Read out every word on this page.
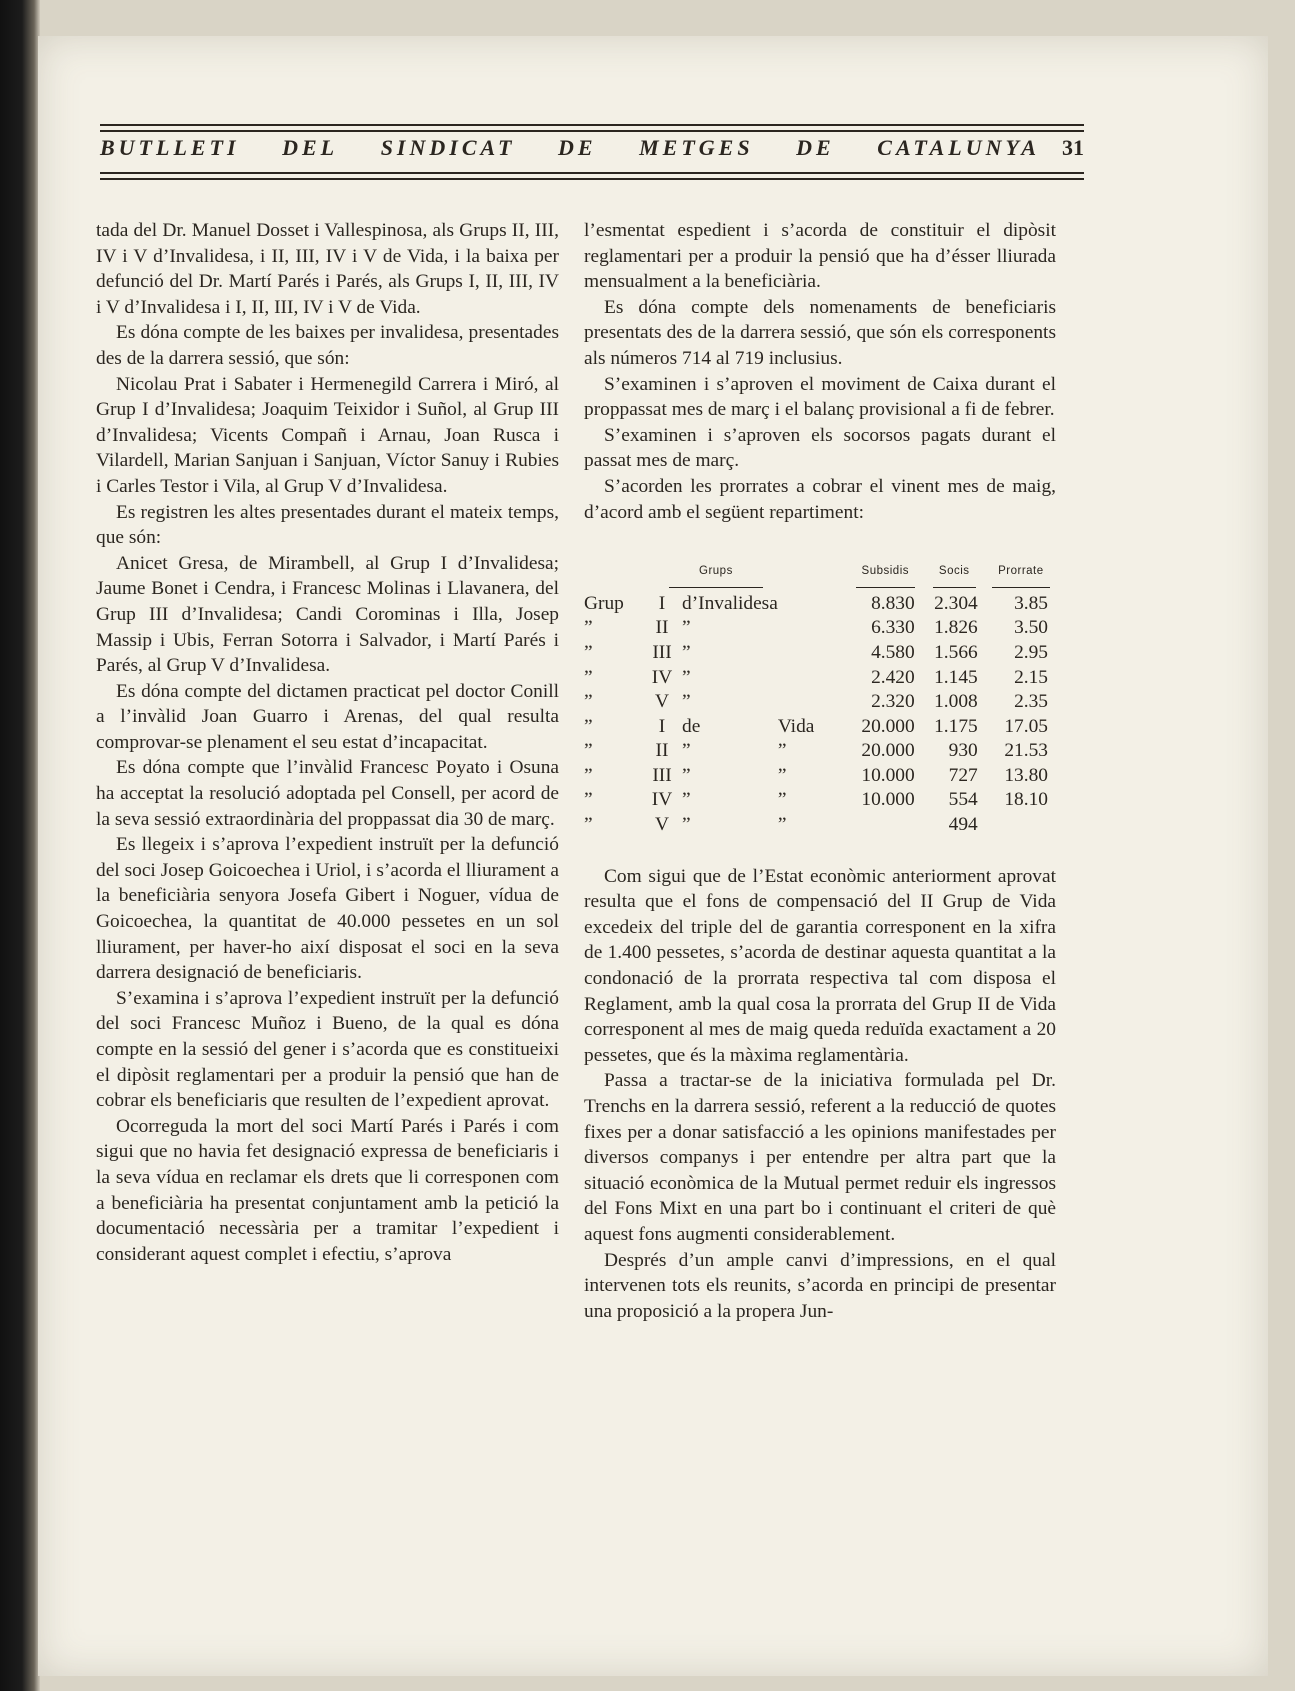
BUTLLETI DEL SINDICAT DE METGES DE CATALUNYA 31

tada del Dr. Manuel Dosset i Vallespinosa, als Grups II, III, IV i V d’Invalidesa, i II, III, IV i V de Vida, i la baixa per defunció del Dr. Martí Parés i Parés, als Grups I, II, III, IV i V d’Invalidesa i I, II, III, IV i V de Vida.

Es dóna compte de les baixes per invalidesa, presentades des de la darrera sessió, que són:

Nicolau Prat i Sabater i Hermenegild Carrera i Miró, al Grup I d’Invalidesa; Joaquim Teixidor i Suñol, al Grup III d’Invalidesa; Vicents Compañ i Arnau, Joan Rusca i Vilardell, Marian Sanjuan i Sanjuan, Víctor Sanuy i Rubies i Carles Testor i Vila, al Grup V d’Invalidesa.

Es registren les altes presentades durant el mateix temps, que són:

Anicet Gresa, de Mirambell, al Grup I d’Invalidesa; Jaume Bonet i Cendra, i Francesc Molinas i Llavanera, del Grup III d’Invalidesa; Candi Corominas i Illa, Josep Massip i Ubis, Ferran Sotorra i Salvador, i Martí Parés i Parés, al Grup V d’Invalidesa.

Es dóna compte del dictamen practicat pel doctor Conill a l’invàlid Joan Guarro i Arenas, del qual resulta comprovar-se plenament el seu estat d’incapacitat.

Es dóna compte que l’invàlid Francesc Poyato i Osuna ha acceptat la resolució adoptada pel Consell, per acord de la seva sessió extraordinària del proppassat dia 30 de març.

Es llegeix i s’aprova l’expedient instruït per la defunció del soci Josep Goicoechea i Uriol, i s’acorda el lliurament a la beneficiària senyora Josefa Gibert i Noguer, vídua de Goicoechea, la quantitat de 40.000 pessetes en un sol lliurament, per haver-ho així disposat el soci en la seva darrera designació de beneficiaris.

S’examina i s’aprova l’expedient instruït per la defunció del soci Francesc Muñoz i Bueno, de la qual es dóna compte en la sessió del gener i s’acorda que es constitueixi el dipòsit reglamentari per a produir la pensió que han de cobrar els beneficiaris que resulten de l’expedient aprovat.

Ocorreguda la mort del soci Martí Parés i Parés i com sigui que no havia fet designació expressa de beneficiaris i la seva vídua en reclamar els drets que li corresponen com a beneficiària ha presentat conjuntament amb la petició la documentació necessària per a tramitar l’expedient i considerant aquest complet i efectiu, s’aprova

l’esmentat espedient i s’acorda de constituir el dipòsit reglamentari per a produir la pensió que ha d’ésser lliurada mensualment a la beneficiària.

Es dóna compte dels nomenaments de beneficiaris presentats des de la darrera sessió, que són els corresponents als números 714 al 719 inclusius.

S’examinen i s’aproven el moviment de Caixa durant el proppassat mes de març i el balanç provisional a fi de febrer.

S’examinen i s’aproven els socorsos pagats durant el passat mes de març.

S’acorden les prorrates a cobrar el vinent mes de maig, d’acord amb el següent repartiment:

Grups				Subsidis	Socis	Prorrate
Grup	I	d’Invalidesa		8.830	2.304	3.85
”	II	”		6.330	1.826	3.50
”	III	”		4.580	1.566	2.95
”	IV	”		2.420	1.145	2.15
”	V	”		2.320	1.008	2.35
”	I	de	Vida	20.000	1.175	17.05
”	II	”	”	20.000	930	21.53
”	III	”	”	10.000	727	13.80
”	IV	”	”	10.000	554	18.10
”	V	”	”		494	

Com sigui que de l’Estat econòmic anteriorment aprovat resulta que el fons de compensació del II Grup de Vida excedeix del triple del de garantia corresponent en la xifra de 1.400 pessetes, s’acorda de destinar aquesta quantitat a la condonació de la prorrata respectiva tal com disposa el Reglament, amb la qual cosa la prorrata del Grup II de Vida corresponent al mes de maig queda reduïda exactament a 20 pessetes, que és la màxima reglamentària.

Passa a tractar-se de la iniciativa formulada pel Dr. Trenchs en la darrera sessió, referent a la reducció de quotes fixes per a donar satisfacció a les opinions manifestades per diversos companys i per entendre per altra part que la situació econòmica de la Mutual permet reduir els ingressos del Fons Mixt en una part bo i continuant el criteri de què aquest fons augmenti considerablement.

Després d’un ample canvi d’impressions, en el qual intervenen tots els reunits, s’acorda en principi de presentar una proposició a la propera Jun-
